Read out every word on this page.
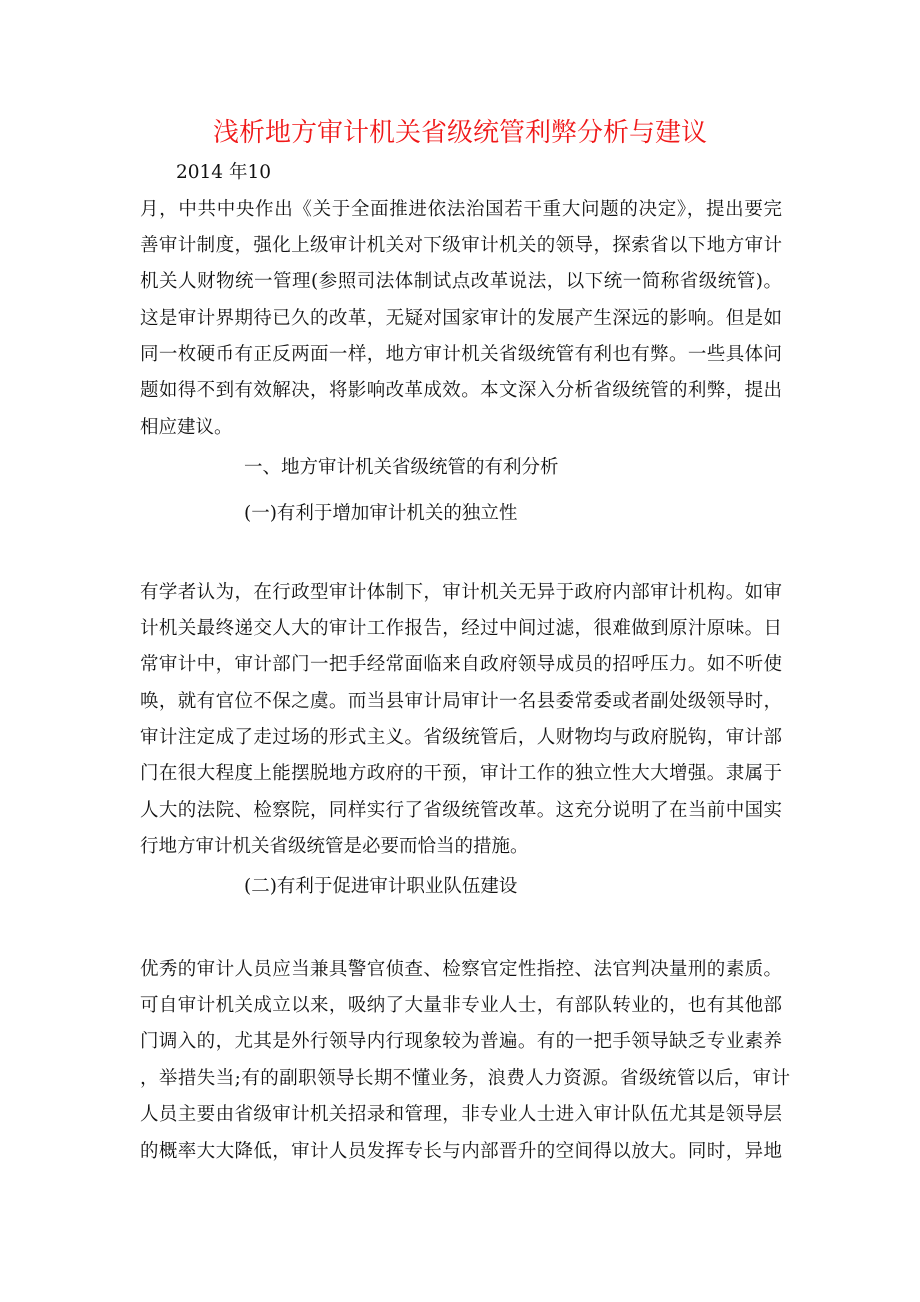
浅析地方审计机关省级统管利弊分析与建议
2014 年10
月，中共中央作出《关于全面推进依法治国若干重大问题的决定》，提出要完
善审计制度，强化上级审计机关对下级审计机关的领导，探索省以下地方审计
机关人财物统一管理(参照司法体制试点改革说法，以下统一简称省级统管)。
这是审计界期待已久的改革，无疑对国家审计的发展产生深远的影响。但是如
同一枚硬币有正反两面一样，地方审计机关省级统管有利也有弊。一些具体问
题如得不到有效解决，将影响改革成效。本文深入分析省级统管的利弊，提出
相应建议。
一、地方审计机关省级统管的有利分析
(一)有利于增加审计机关的独立性
有学者认为，在行政型审计体制下，审计机关无异于政府内部审计机构。如审
计机关最终递交人大的审计工作报告，经过中间过滤，很难做到原汁原味。日
常审计中，审计部门一把手经常面临来自政府领导成员的招呼压力。如不听使
唤，就有官位不保之虞。而当县审计局审计一名县委常委或者副处级领导时，
审计注定成了走过场的形式主义。省级统管后，人财物均与政府脱钩，审计部
门在很大程度上能摆脱地方政府的干预，审计工作的独立性大大增强。隶属于
人大的法院、检察院，同样实行了省级统管改革。这充分说明了在当前中国实
行地方审计机关省级统管是必要而恰当的措施。
(二)有利于促进审计职业队伍建设
优秀的审计人员应当兼具警官侦查、检察官定性指控、法官判决量刑的素质。
可自审计机关成立以来，吸纳了大量非专业人士，有部队转业的，也有其他部
门调入的，尤其是外行领导内行现象较为普遍。有的一把手领导缺乏专业素养
，举措失当;有的副职领导长期不懂业务，浪费人力资源。省级统管以后，审计
人员主要由省级审计机关招录和管理，非专业人士进入审计队伍尤其是领导层
的概率大大降低，审计人员发挥专长与内部晋升的空间得以放大。同时，异地
